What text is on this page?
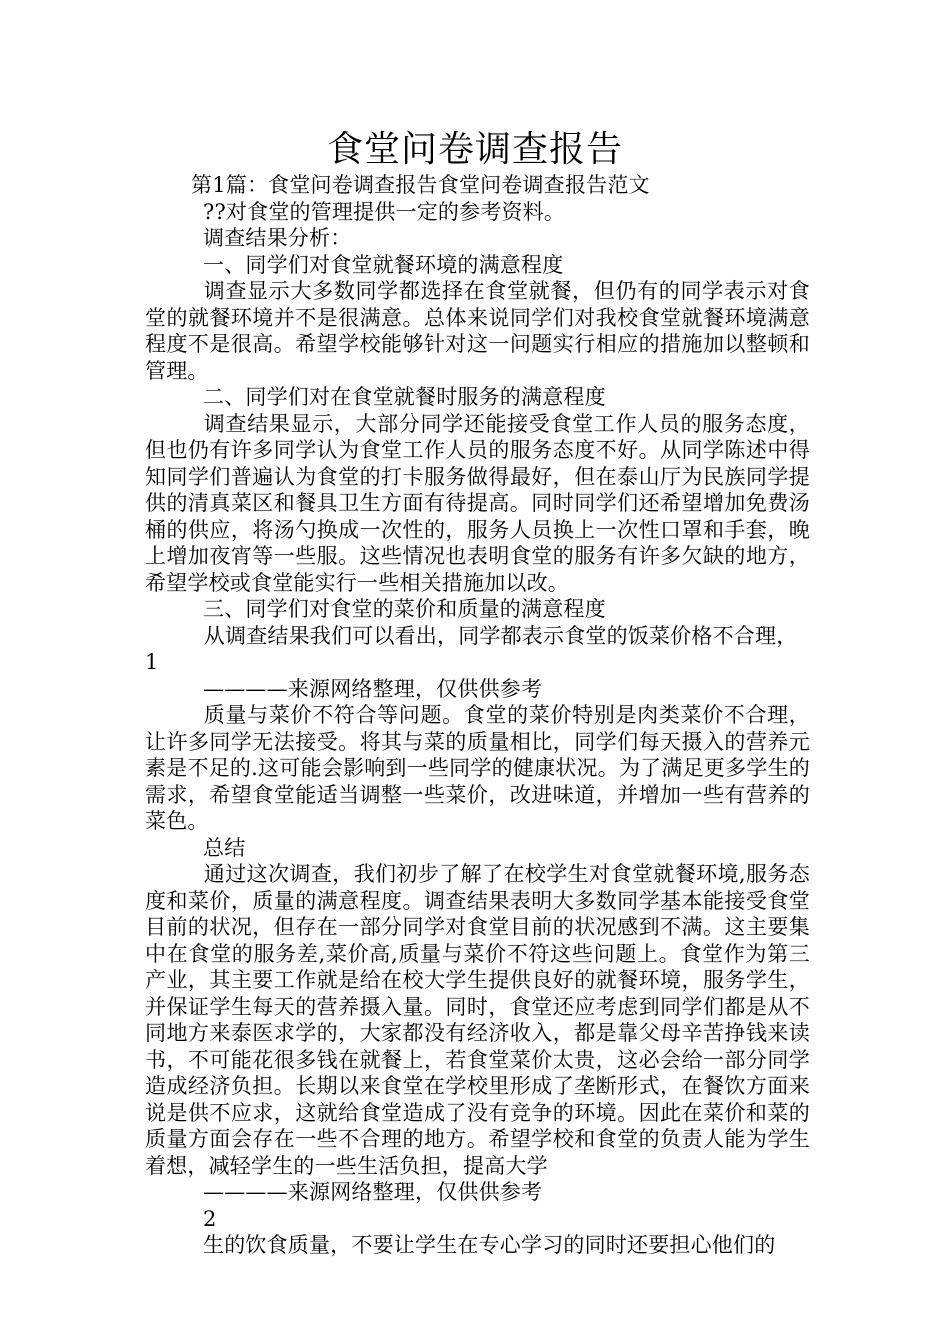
食堂问卷调查报告
第1篇：食堂问卷调查报告食堂问卷调查报告范文
??对食堂的管理提供一定的参考资料。
调查结果分析：
一、同学们对食堂就餐环境的满意程度

调查显示大多数同学都选择在食堂就餐，但仍有的同学表示对食堂的就餐环境并不是很满意。总体来说同学们对我校食堂就餐环境满意程度不是很高。希望学校能够针对这一问题实行相应的措施加以整顿和管理。

二、同学们对在食堂就餐时服务的满意程度

调查结果显示，大部分同学还能接受食堂工作人员的服务态度，但也仍有许多同学认为食堂工作人员的服务态度不好。从同学陈述中得知同学们普遍认为食堂的打卡服务做得最好，但在泰山厅为民族同学提供的清真菜区和餐具卫生方面有待提高。同时同学们还希望增加免费汤桶的供应，将汤勺换成一次性的，服务人员换上一次性口罩和手套，晚上增加夜宵等一些服。这些情况也表明食堂的服务有许多欠缺的地方，希望学校或食堂能实行一些相关措施加以改。

三、同学们对食堂的菜价和质量的满意程度

从调查结果我们可以看出，同学都表示食堂的饭菜价格不合理，

1
————来源网络整理，仅供供参考

质量与菜价不符合等问题。食堂的菜价特别是肉类菜价不合理，让许多同学无法接受。将其与菜的质量相比，同学们每天摄入的营养元素是不足的.这可能会影响到一些同学的健康状况。为了满足更多学生的需求，希望食堂能适当调整一些菜价，改进味道，并增加一些有营养的菜色。

总结

通过这次调查，我们初步了解了在校学生对食堂就餐环境,服务态度和菜价，质量的满意程度。调查结果表明大多数同学基本能接受食堂目前的状况，但存在一部分同学对食堂目前的状况感到不满。这主要集中在食堂的服务差,菜价高,质量与菜价不符这些问题上。食堂作为第三产业，其主要工作就是给在校大学生提供良好的就餐环境，服务学生，并保证学生每天的营养摄入量。同时，食堂还应考虑到同学们都是从不同地方来泰医求学的，大家都没有经济收入，都是靠父母辛苦挣钱来读书，不可能花很多钱在就餐上，若食堂菜价太贵，这必会给一部分同学造成经济负担。长期以来食堂在学校里形成了垄断形式，在餐饮方面来说是供不应求，这就给食堂造成了没有竞争的环境。因此在菜价和菜的质量方面会存在一些不合理的地方。希望学校和食堂的负责人能为学生着想，减轻学生的一些生活负担，提高大学

————来源网络整理，仅供供参考
2
生的饮食质量，不要让学生在专心学习的同时还要担心他们的
